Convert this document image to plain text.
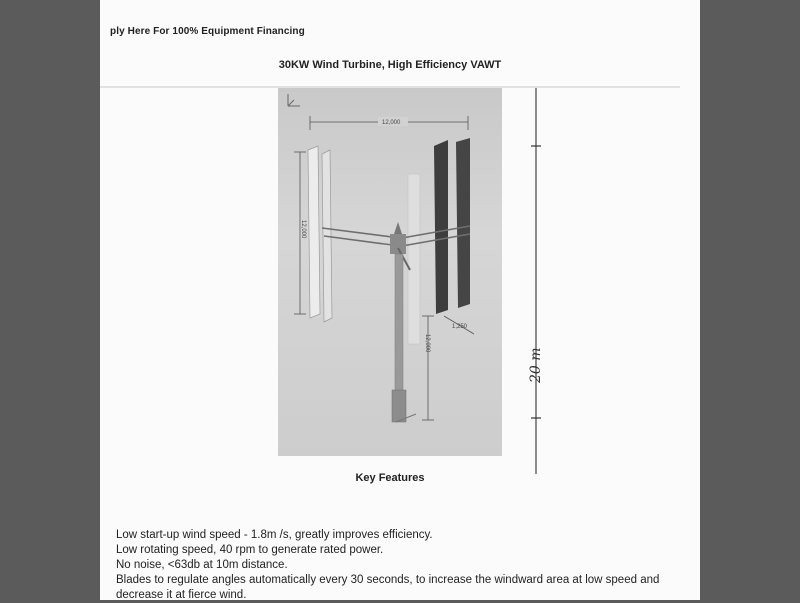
ply Here For 100% Equipment Financing
30KW Wind Turbine, High Efficiency VAWT
12,000
12,000
12,000
1,250
20 m
Key Features
Low start-up wind speed - 1.8m /s, greatly improves efficiency.
Low rotating speed, 40 rpm to generate rated power.
No noise, <63db at 10m distance.
Blades to regulate angles automatically every 30 seconds, to increase the windward area at low speed and
decrease it at fierce wind.
